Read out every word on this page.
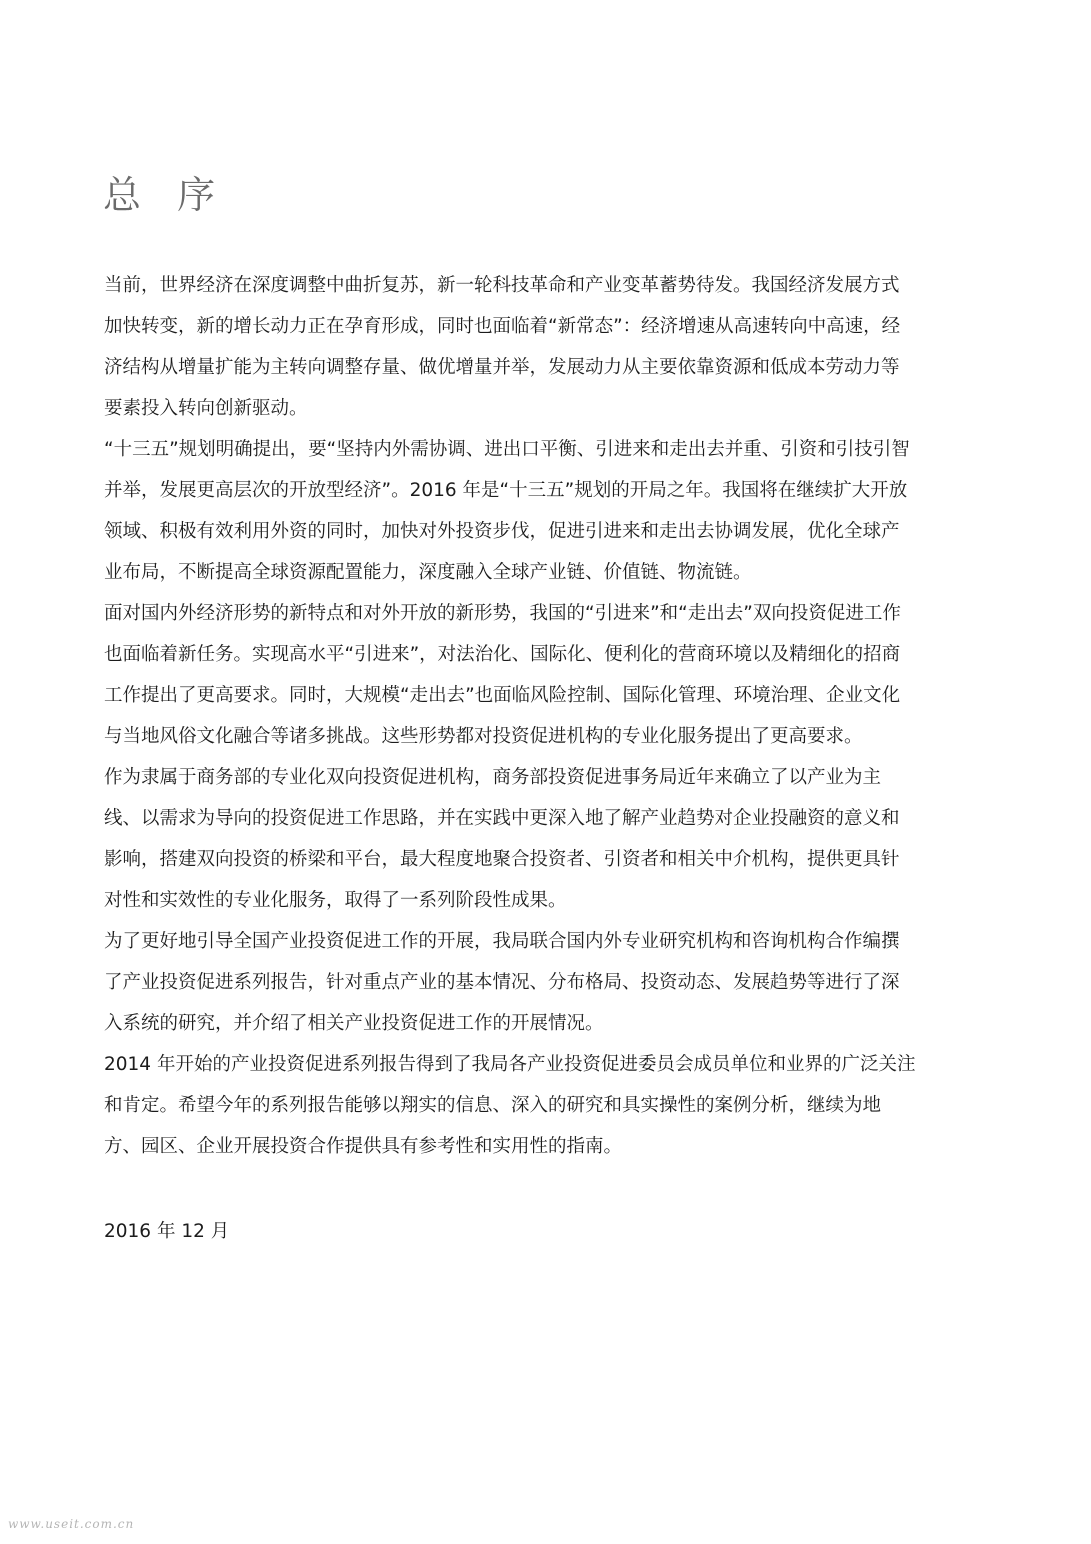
总 序

当前，世界经济在深度调整中曲折复苏，新一轮科技革命和产业变革蓄势待发。我国经济发展方式
加快转变，新的增长动力正在孕育形成，同时也面临着“新常态”：经济增速从高速转向中高速，经
济结构从增量扩能为主转向调整存量、做优增量并举，发展动力从主要依靠资源和低成本劳动力等
要素投入转向创新驱动。

“十三五”规划明确提出，要“坚持内外需协调、进出口平衡、引进来和走出去并重、引资和引技引智
并举，发展更高层次的开放型经济”。2016 年是“十三五”规划的开局之年。我国将在继续扩大开放
领域、积极有效利用外资的同时，加快对外投资步伐，促进引进来和走出去协调发展，优化全球产
业布局，不断提高全球资源配置能力，深度融入全球产业链、价值链、物流链。

面对国内外经济形势的新特点和对外开放的新形势，我国的“引进来”和“走出去”双向投资促进工作
也面临着新任务。实现高水平“引进来”，对法治化、国际化、便利化的营商环境以及精细化的招商
工作提出了更高要求。同时，大规模“走出去”也面临风险控制、国际化管理、环境治理、企业文化
与当地风俗文化融合等诸多挑战。这些形势都对投资促进机构的专业化服务提出了更高要求。

作为隶属于商务部的专业化双向投资促进机构，商务部投资促进事务局近年来确立了以产业为主
线、以需求为导向的投资促进工作思路，并在实践中更深入地了解产业趋势对企业投融资的意义和
影响，搭建双向投资的桥梁和平台，最大程度地聚合投资者、引资者和相关中介机构，提供更具针
对性和实效性的专业化服务，取得了一系列阶段性成果。

为了更好地引导全国产业投资促进工作的开展，我局联合国内外专业研究机构和咨询机构合作编撰
了产业投资促进系列报告，针对重点产业的基本情况、分布格局、投资动态、发展趋势等进行了深
入系统的研究，并介绍了相关产业投资促进工作的开展情况。

2014 年开始的产业投资促进系列报告得到了我局各产业投资促进委员会成员单位和业界的广泛关注
和肯定。希望今年的系列报告能够以翔实的信息、深入的研究和具实操性的案例分析，继续为地
方、园区、企业开展投资合作提供具有参考性和实用性的指南。

2016 年 12 月

www.useit.com.cn
